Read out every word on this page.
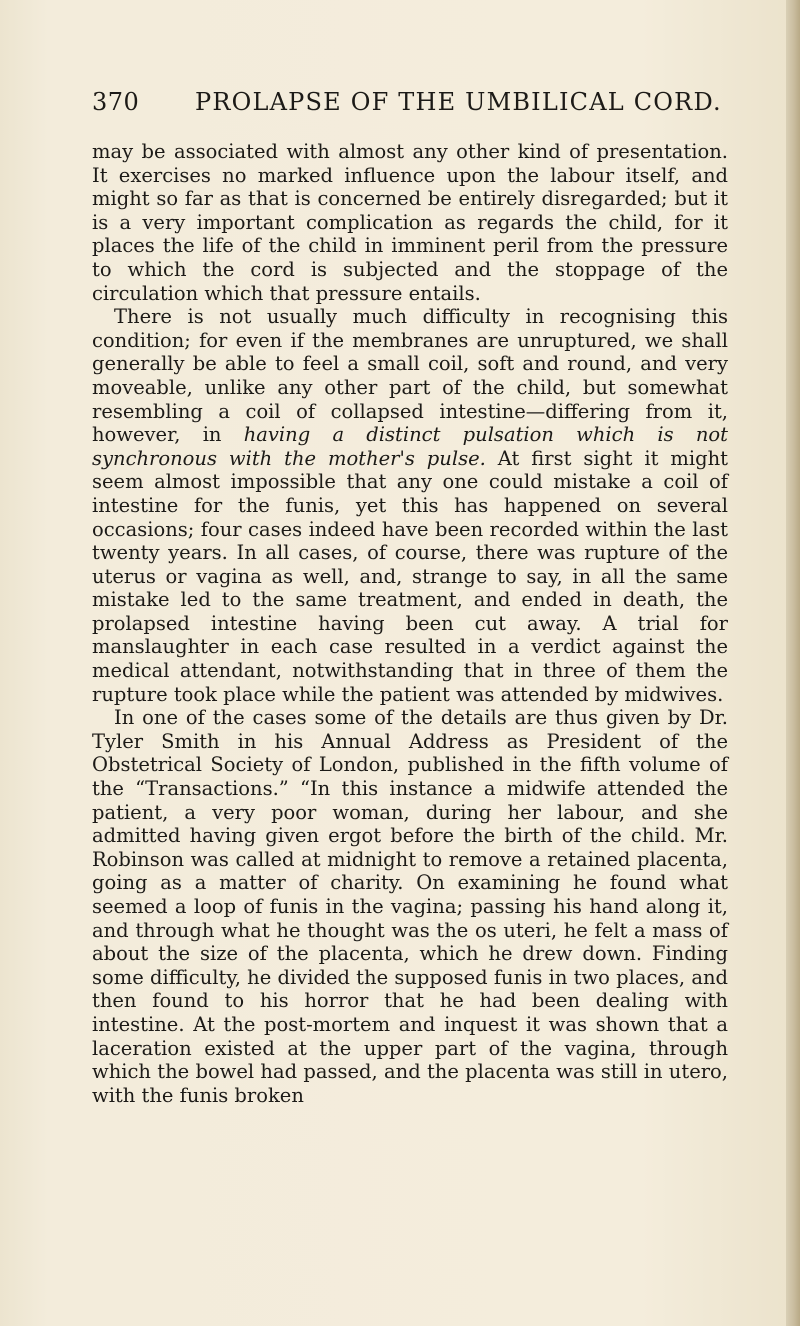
370 PROLAPSE OF THE UMBILICAL CORD.

may be associated with almost any other kind of presentation. It exercises no marked influence upon the labour itself, and might so far as that is concerned be entirely disregarded; but it is a very important complication as regards the child, for it places the life of the child in imminent peril from the pressure to which the cord is subjected and the stoppage of the circulation which that pressure entails.

There is not usually much difficulty in recognising this condition; for even if the membranes are unruptured, we shall generally be able to feel a small coil, soft and round, and very moveable, unlike any other part of the child, but somewhat resembling a coil of collapsed intestine—differing from it, however, in having a distinct pulsation which is not synchronous with the mother's pulse. At first sight it might seem almost impossible that any one could mistake a coil of intestine for the funis, yet this has happened on several occasions; four cases indeed have been recorded within the last twenty years. In all cases, of course, there was rupture of the uterus or vagina as well, and, strange to say, in all the same mistake led to the same treatment, and ended in death, the prolapsed intestine having been cut away. A trial for manslaughter in each case resulted in a verdict against the medical attendant, notwithstanding that in three of them the rupture took place while the patient was attended by midwives.

In one of the cases some of the details are thus given by Dr. Tyler Smith in his Annual Address as President of the Obstetrical Society of London, published in the fifth volume of the “Transactions.” “In this instance a midwife attended the patient, a very poor woman, during her labour, and she admitted having given ergot before the birth of the child. Mr. Robinson was called at midnight to remove a retained placenta, going as a matter of charity. On examining he found what seemed a loop of funis in the vagina; passing his hand along it, and through what he thought was the os uteri, he felt a mass of about the size of the placenta, which he drew down. Finding some difficulty, he divided the supposed funis in two places, and then found to his horror that he had been dealing with intestine. At the post-mortem and inquest it was shown that a laceration existed at the upper part of the vagina, through which the bowel had passed, and the placenta was still in utero, with the funis broken
